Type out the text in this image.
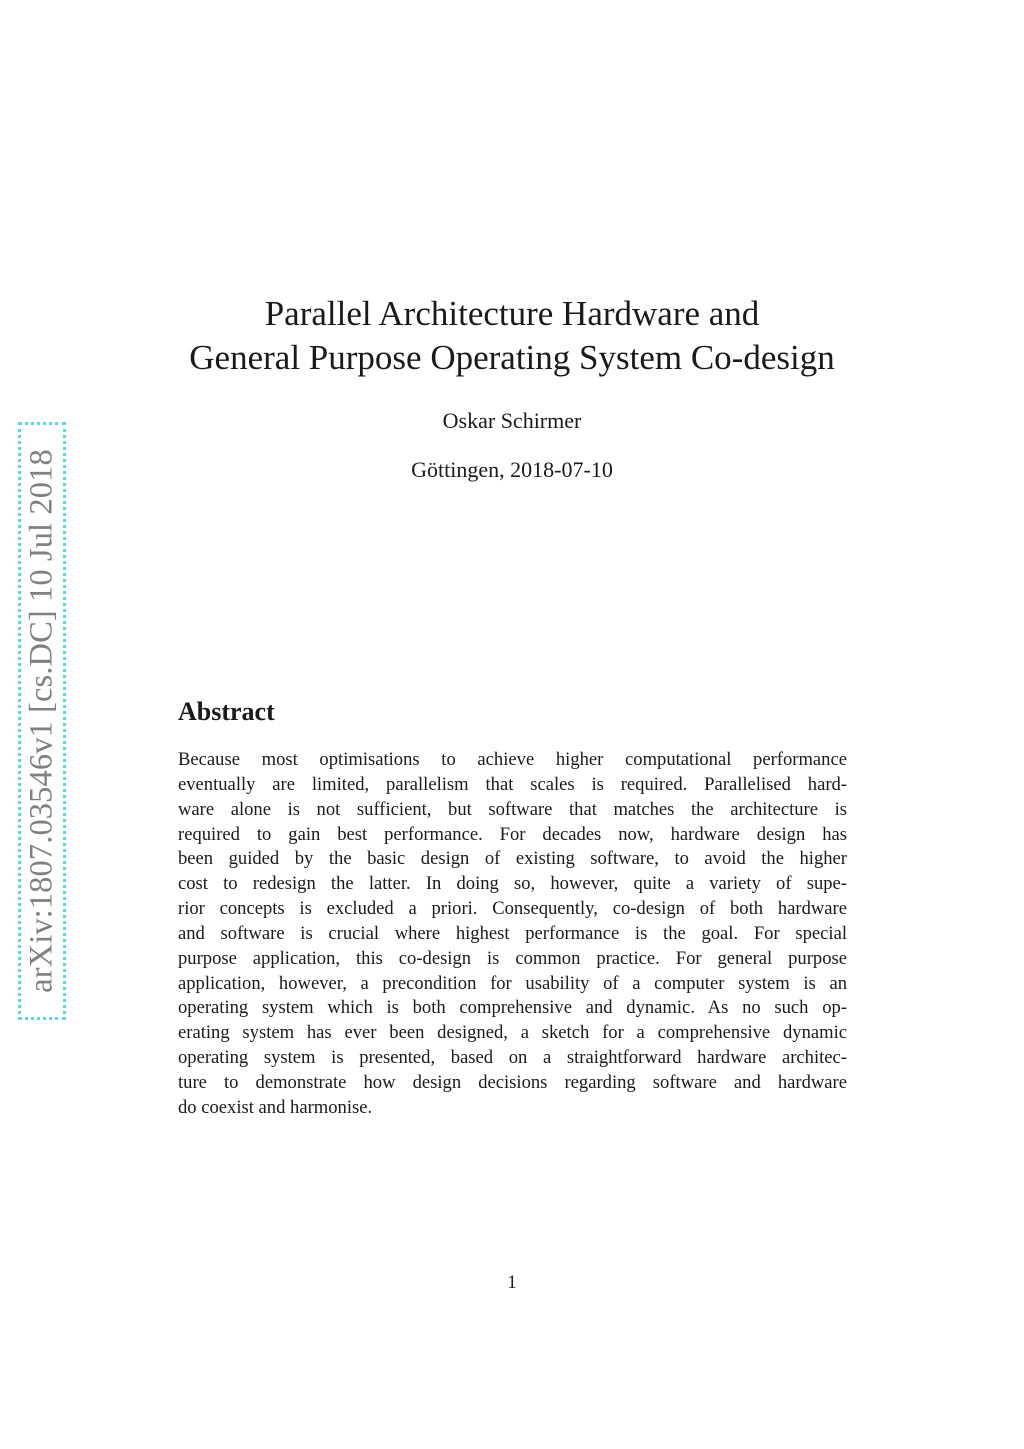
arXiv:1807.03546v1 [cs.DC] 10 Jul 2018
Parallel Architecture Hardware and
General Purpose Operating System Co-design
Oskar Schirmer
Göttingen, 2018-07-10
Abstract
Because most optimisations to achieve higher computational performance
eventually are limited, parallelism that scales is required. Parallelised hard-
ware alone is not sufficient, but software that matches the architecture is
required to gain best performance. For decades now, hardware design has
been guided by the basic design of existing software, to avoid the higher
cost to redesign the latter. In doing so, however, quite a variety of supe-
rior concepts is excluded a priori. Consequently, co-design of both hardware
and software is crucial where highest performance is the goal. For special
purpose application, this co-design is common practice. For general purpose
application, however, a precondition for usability of a computer system is an
operating system which is both comprehensive and dynamic. As no such op-
erating system has ever been designed, a sketch for a comprehensive dynamic
operating system is presented, based on a straightforward hardware architec-
ture to demonstrate how design decisions regarding software and hardware
do coexist and harmonise.
1
